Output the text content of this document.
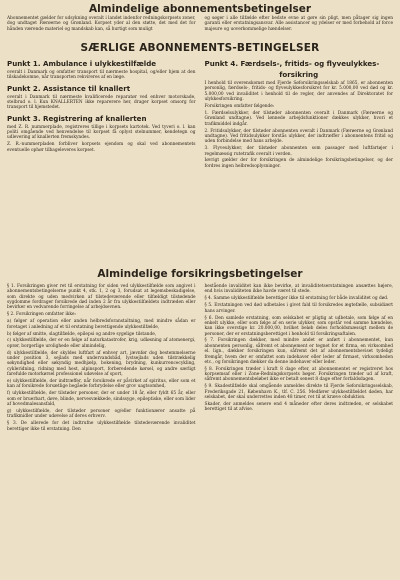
Almindelige abonnementsbetingelser

Abonnementet gælder for udsykning overalt i landet indenfor redningskorpsets zoner, dog undtaget Færøerne og Grønland. Korpset yder al den støtte, det med det for hånden værende materiel og mandskab kan, så hurtigt som muligt

og søger i alle tilfælde efter bedste evne at gøre sin pligt, men påtager sig ingen garanti eller erstatningsansvar. Alle assistancer og ydelser er med forbehold af force majeure og uoverkommelige hændelser.

SÆRLIGE ABONNEMENTS-BETINGELSER
Punkt 1. Ambulance i ulykkestilfælde

overalt i Danmark og omfatter transport til nærmeste hospital, og/eller hjem at den tilskadekomne, når transporten rekvireres af en læge.

Punkt 2. Assistance til knallert

overalt i Danmark til nærmeste kvalificerede reparatør ved enhver motorskade, stelbrud o. l. Kun KNALLERTEN ikke reparerere her, drager korpset omsorg for transport til hjemstedet.

Punkt 3. Registrering af knallerten

med Z. R. nummerplade, registreres tillige i korpsets kartotek. Ved tyveri o. l. kan politi omgående ved henvendelse til korpset få oplyst stelnummer, kendetegn og udlevering af knallerten fremskyndes.

Z. R.-nummerpladen forbliver korpsets ejendom og skal ved abonnementets eventuelle ophør tilbageleveres korpset.

Punkt 4. Færdsels-, fritids- og flyveulykkes-
forsikring

I henhold til overenskomst med Fjerde Søforsikringsselskab af 1865, er abonnenten personlig, færdsels-, fritids- og flyveulykkesforsikret for kr. 5.000,00 ved død og kr. 5.000,00 ved invaliditet i henhold til de regler, der anvendes af Direktoratet for ulykkesforsikring.

Forsikringen omfatter følgende:

1. Færdselsulykker, der tilstøder abonnenten overalt i Danmark (Færøerne og Grønland undtagne). Ved lønnede arbejdsfunktioner dækkes ulykker, hvori et trafikmiddel indgår.

2. Fritidsulykker, der tilstøder abonnenten overalt i Danmark (Færøerne og Grønland undtagne). Ved fritidsulykker forstås ulykker, der indtræffer i abonnentens fritid og uden forbindelse med hans arbejde.

3. Flyveulykker, der tilstøder abonnenten som passager med luftfartøjer i regelmæssig rutetrafik overalt i verden.

Iøvrigt gælder der for forsikringen de almindelige forsikringsbetingelser, og der fordres ingen helbredsoplysninger.

Almindelige forsikringsbetingelser

§ 1. Forsikringen giver ret til erstatning for siden ved ulykkestilfælde som angivet i abonnementsbetingelserne punkt 4, stk. 1, 2 og 3, forudsat at legemsbeskadigelse, som direkte og uden medvirken af tilstedeværende eller tilfældigt tilstødende sygdomme fordrager forsikrede død inden 2 år fra ulykkestilfældets indtræden eller bevirker en vedvarende forringelse af arbejdsevnen.

§ 2. Forsikringen omfatter ikke:

a) følger af operation eller anden helbredsforanstaltning, med mindre sådan er foretaget i anledning af et til erstatning berettigende ulykkestilfælde,

b) følger af smitte, slagtilfælde, epilepsi og andre sygelige tilstande,

c) ulykkestilfælde, der er en følge af naturkatastrofer, krig, udløsning af atomenergi, oprør, borgerlige urolighede eller almindelig,

d) ulykkestilfælde, der skyldes luftfart af enhver art, jævnfør dog bestemmelserne under position 3, sejlads med undervandsbåd, lystsejlads uden tilstrækkelig søkyndighed eller søkyndig medhjælp, bokening, brydning, kunkurrencecykling, cykleridning, ridning med hest, alpinsport, forberedende kørsel, og andre særligt farefulde motorkørsel professionel udøvelse af sport,

e) ulykkestilfælde, der indtræffer, når forsikrede er påvirket af spiritus, eller som et kan af forsikrede forsætlige begåede forbrydelse eller grov uagtsomhed,

f) ulykkestilfælde, der tilstøder personer, der er under 18 år, eller fyldt 65 år, eller som er bruerbart, døve, blinde, nervesvækkede, sindssyge, epileptiske, eller som lider af hovedmalesansfald,

g) ulykkestilfælde, der tilstøder personer og/eller funktionærer ansatte på trafikmidler under udøvelse af deres erhverv.

§ 3. De allerede for det indtrufne ulykkestilfælde tilstedeværende invaliditet berettiger ikke til erstatning. Den

bestående invaliditet kan ikke bevirke, at invaliditetserstatningen ansættes højere, end hvis invaliditeten ikke havde været til stede.

§ 4. Samme ulykkestilfælde berettiger ikke til erstatning for både invaliditet og død.

§ 5. Erstatningen ved død udbetales i givet fald til forsikredes ægtefælle, subsidiært hans arvinger.

§ 6. Den samlede erstatning, som selskabet er pligtig at udbetale, som følge af en enkelt ulykke, eller som følge af en serie ulykker, som opstår ved samme hændelse, kan ikke overstige kr. 20.000,00, hvilket beløb deles forholdsmæssigt mellem de personer, der er erstatningsberettiget i henhold til forsikringsaftalen.

§ 7. Forsikringen dækker, med mindre andet er anført i abonnementet, kun abonnenten personlig, såfremt et abonnement er tegnet for et firma, en virksomhed el. lign., dækker forsikringen kun, såfremt det af abonnementsbeviset tydeligt fremgår, hvem der er omfattet som indehaver eller leder af firmaet, virksomheden etc., og forsikringen dækker da denne indehaver eller leder.

§ 8. Forsikringen træder i kraft 8 dage efter, at abonnementet er registreret hos korpsemsaf eller i Zone-Redningskorpsets bøger. Forsikringen træder ud af kraft, såfremt abonnementsbeløbet ikke er betalt senest 8 dage efter forfaldsdagen.

§ 9. Skadestilfælde skal omgående anmeldes direkte til Fjerde Søforsikringsselskab, Frederiksgade 21, København K., tlf. C. 256. Medfører ulykkestilfældet døden, har selskabet, der skal underrettes inden 48 timer, ret til at kræve obduktion.

Skader, der anmeldes senere end 4 måneder efter deres indtræden, er selskabet berettiget til at afvise.
